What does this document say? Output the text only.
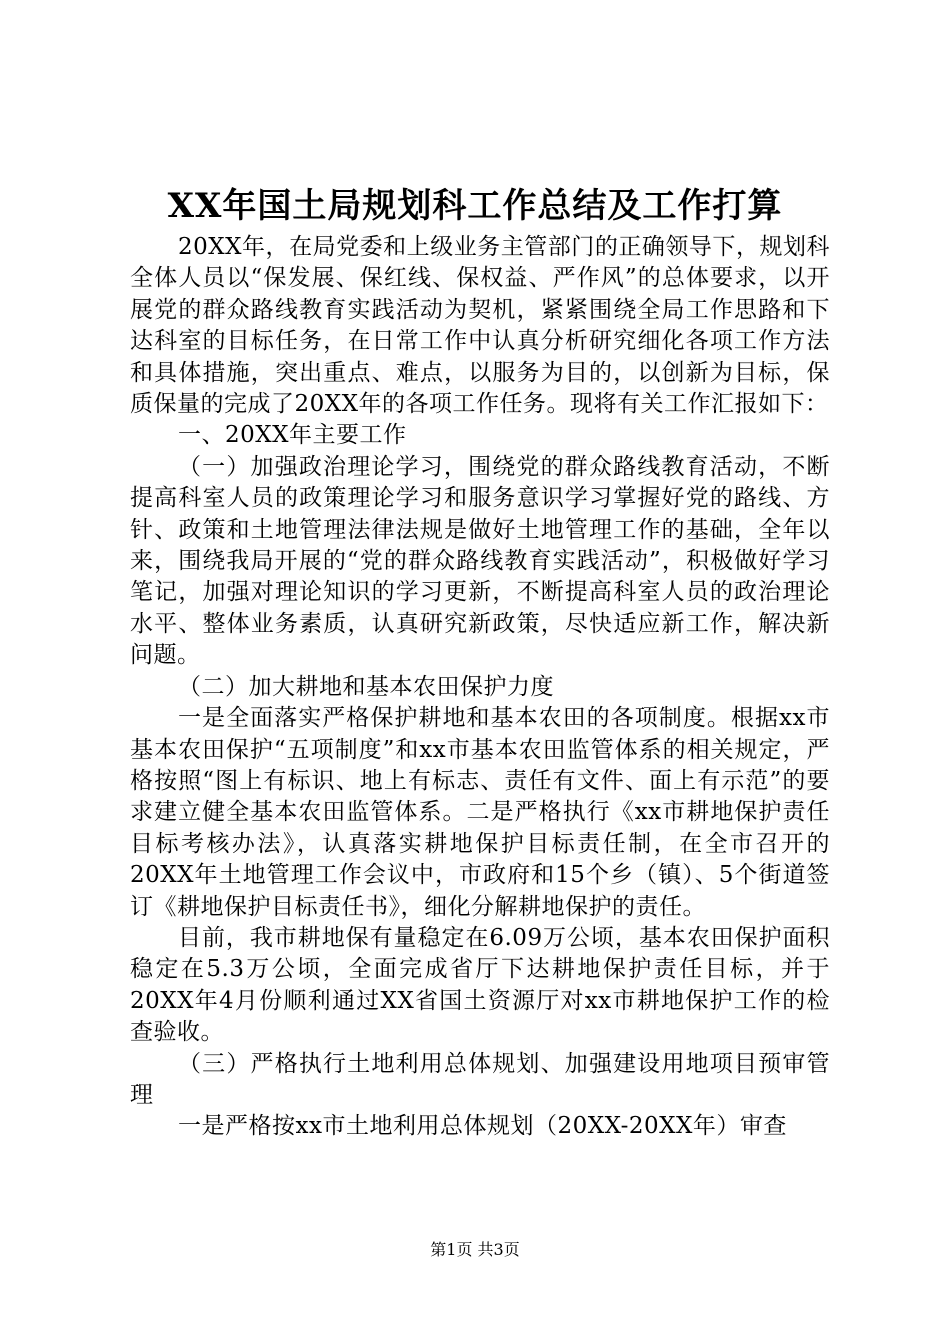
XX年国土局规划科工作总结及工作打算

20XX年，在局党委和上级业务主管部门的正确领导下，规划科全体人员以“保发展、保红线、保权益、严作风”的总体要求，以开展党的群众路线教育实践活动为契机，紧紧围绕全局工作思路和下达科室的目标任务，在日常工作中认真分析研究细化各项工作方法和具体措施，突出重点、难点，以服务为目的，以创新为目标，保质保量的完成了20XX年的各项工作任务。现将有关工作汇报如下：

一、20XX年主要工作

（一）加强政治理论学习，围绕党的群众路线教育活动，不断提高科室人员的政策理论学习和服务意识学习掌握好党的路线、方针、政策和土地管理法律法规是做好土地管理工作的基础，全年以来，围绕我局开展的“党的群众路线教育实践活动”，积极做好学习笔记，加强对理论知识的学习更新，不断提高科室人员的政治理论水平、整体业务素质，认真研究新政策，尽快适应新工作，解决新问题。

（二）加大耕地和基本农田保护力度

一是全面落实严格保护耕地和基本农田的各项制度。根据xx市基本农田保护“五项制度”和xx市基本农田监管体系的相关规定，严格按照“图上有标识、地上有标志、责任有文件、面上有示范”的要求建立健全基本农田监管体系。二是严格执行《xx市耕地保护责任目标考核办法》，认真落实耕地保护目标责任制，在全市召开的20XX年土地管理工作会议中，市政府和15个乡（镇）、5个街道签订《耕地保护目标责任书》，细化分解耕地保护的责任。

目前，我市耕地保有量稳定在6.09万公顷，基本农田保护面积稳定在5.3万公顷，全面完成省厅下达耕地保护责任目标，并于20XX年4月份顺利通过XX省国土资源厅对xx市耕地保护工作的检查验收。

（三）严格执行土地利用总体规划、加强建设用地项目预审管理

一是严格按xx市土地利用总体规划（20XX-20XX年）审查

第1页 共3页
